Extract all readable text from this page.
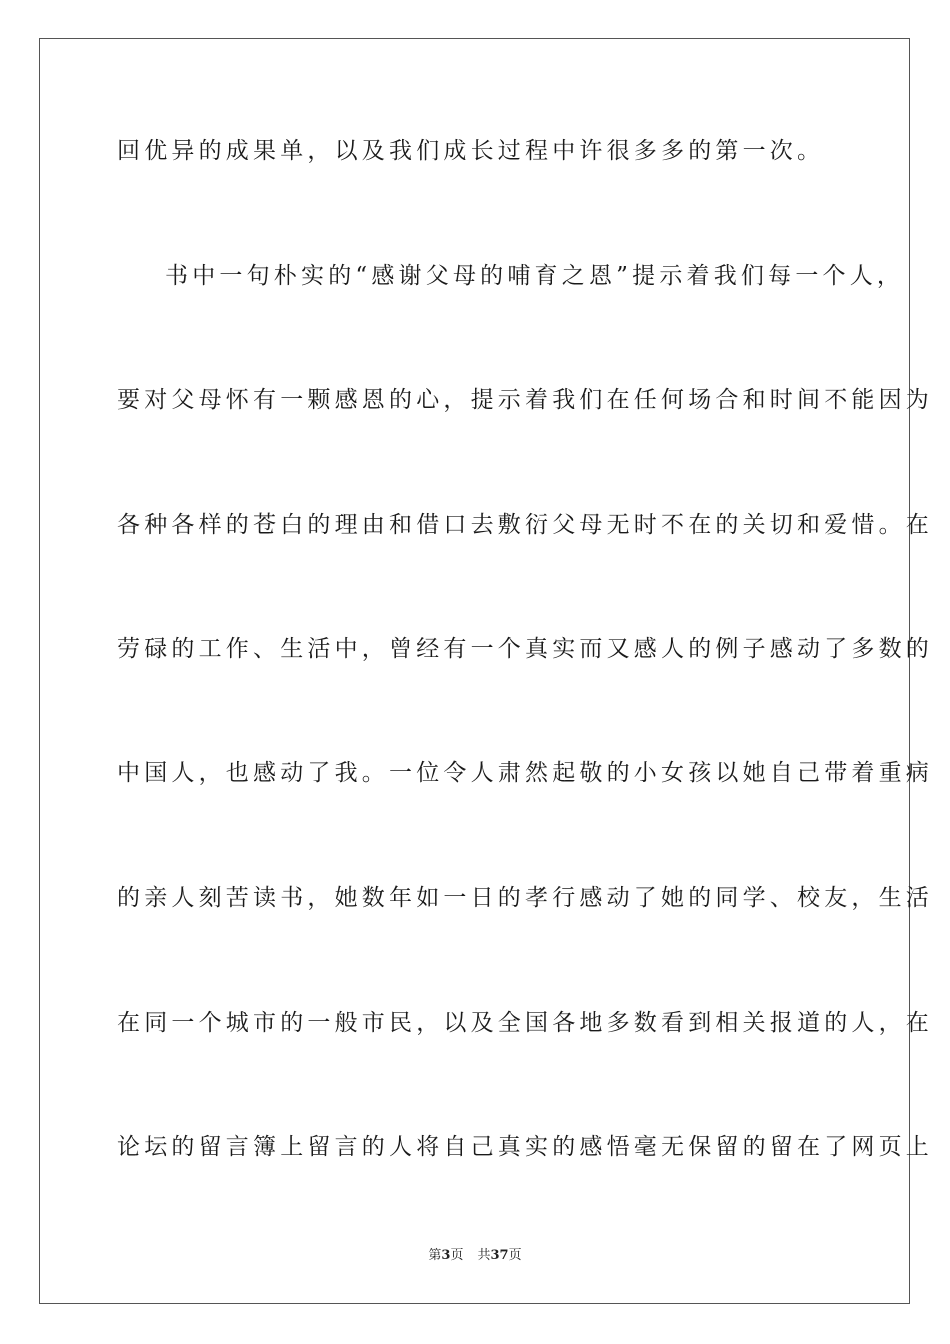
回优异的成果单，以及我们成长过程中许很多多的第一次。

书中一句朴实的“感谢父母的哺育之恩”提示着我们每一个人，

要对父母怀有一颗感恩的心，提示着我们在任何场合和时间不能因为

各种各样的苍白的理由和借口去敷衍父母无时不在的关切和爱惜。在

劳碌的工作、生活中，曾经有一个真实而又感人的例子感动了多数的

中国人，也感动了我。一位令人肃然起敬的小女孩以她自己带着重病

的亲人刻苦读书，她数年如一日的孝行感动了她的同学、校友，生活

在同一个城市的一般市民，以及全国各地多数看到相关报道的人，在

论坛的留言簿上留言的人将自己真实的感悟毫无保留的留在了网页上

第3页 共37页
